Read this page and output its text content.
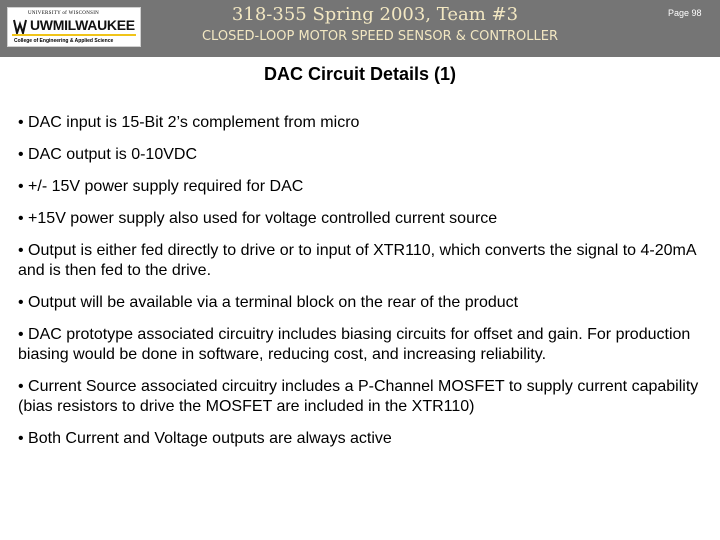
UNIVERSITY of WISCONSIN
UWMILWAUKEE
College of Engineering & Applied Science
318-355 Spring 2003, Team #3
CLOSED-LOOP MOTOR SPEED SENSOR & CONTROLLER
Page 98
DAC Circuit Details (1)
• DAC input is 15-Bit 2’s complement from micro
• DAC output is 0-10VDC
• +/- 15V power supply required for DAC
• +15V power supply also used for voltage controlled current source
• Output is either fed directly to drive or to input of XTR110, which converts the signal to 4-20mA and is then fed to the drive.
• Output will be available via a terminal block on the rear of the product
• DAC prototype associated circuitry includes biasing circuits for offset and gain. For production biasing would be done in software, reducing cost, and increasing reliability.
• Current Source associated circuitry includes a P-Channel MOSFET to supply current capability (bias resistors to drive the MOSFET are included in the XTR110)
• Both Current and Voltage outputs are always active
